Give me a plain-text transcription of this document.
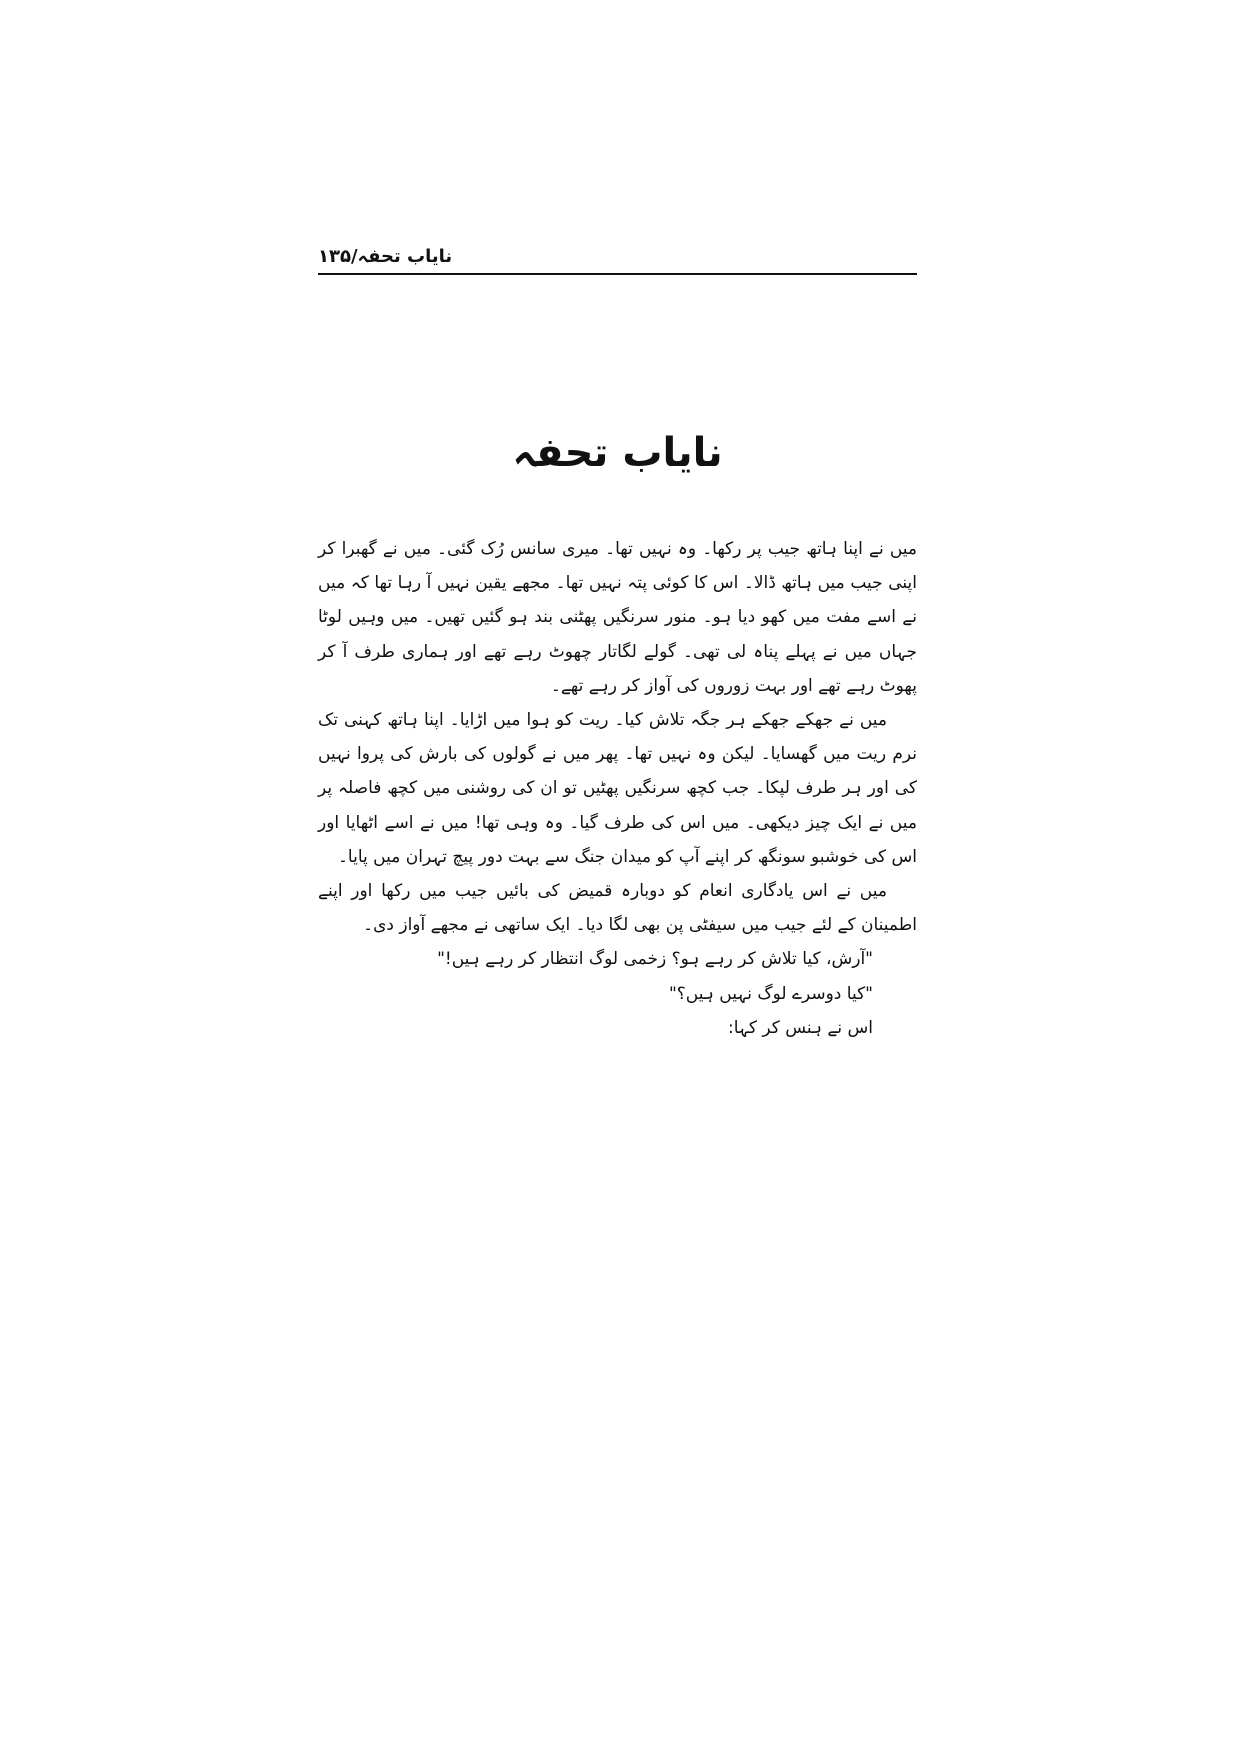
نایاب تحفہ/۱۳۵
نایاب تحفہ

میں نے اپنا ہاتھ جیب پر رکھا۔ وہ نہیں تھا۔ میری سانس رُک گئی۔ میں نے گھبرا کر اپنی جیب میں ہاتھ ڈالا۔ اس کا کوئی پتہ نہیں تھا۔ مجھے یقین نہیں آ رہا تھا کہ میں نے اسے مفت میں کھو دیا ہو۔ منور سرنگیں پھٹنی بند ہو گئیں تھیں۔ میں وہیں لوٹا جہاں میں نے پہلے پناہ لی تھی۔ گولے لگاتار چھوٹ رہے تھے اور ہماری طرف آ کر پھوٹ رہے تھے اور بہت زوروں کی آواز کر رہے تھے۔

میں نے جھکے جھکے ہر جگہ تلاش کیا۔ ریت کو ہوا میں اڑایا۔ اپنا ہاتھ کہنی تک نرم ریت میں گھسایا۔ لیکن وہ نہیں تھا۔ پھر میں نے گولوں کی بارش کی پروا نہیں کی اور ہر طرف لپکا۔ جب کچھ سرنگیں پھٹیں تو ان کی روشنی میں کچھ فاصلہ پر میں نے ایک چیز دیکھی۔ میں اس کی طرف گیا۔ وہ وہی تھا! میں نے اسے اٹھایا اور اس کی خوشبو سونگھ کر اپنے آپ کو میدان جنگ سے بہت دور پیچ تہران میں پایا۔

میں نے اس یادگاری انعام کو دوبارہ قمیض کی بائیں جیب میں رکھا اور اپنے اطمینان کے لئے جیب میں سیفٹی پن بھی لگا دیا۔ ایک ساتھی نے مجھے آواز دی۔

"آرش، کیا تلاش کر رہے ہو؟ زخمی لوگ انتظار کر رہے ہیں!"

"کیا دوسرے لوگ نہیں ہیں؟"

اس نے ہنس کر کہا:
